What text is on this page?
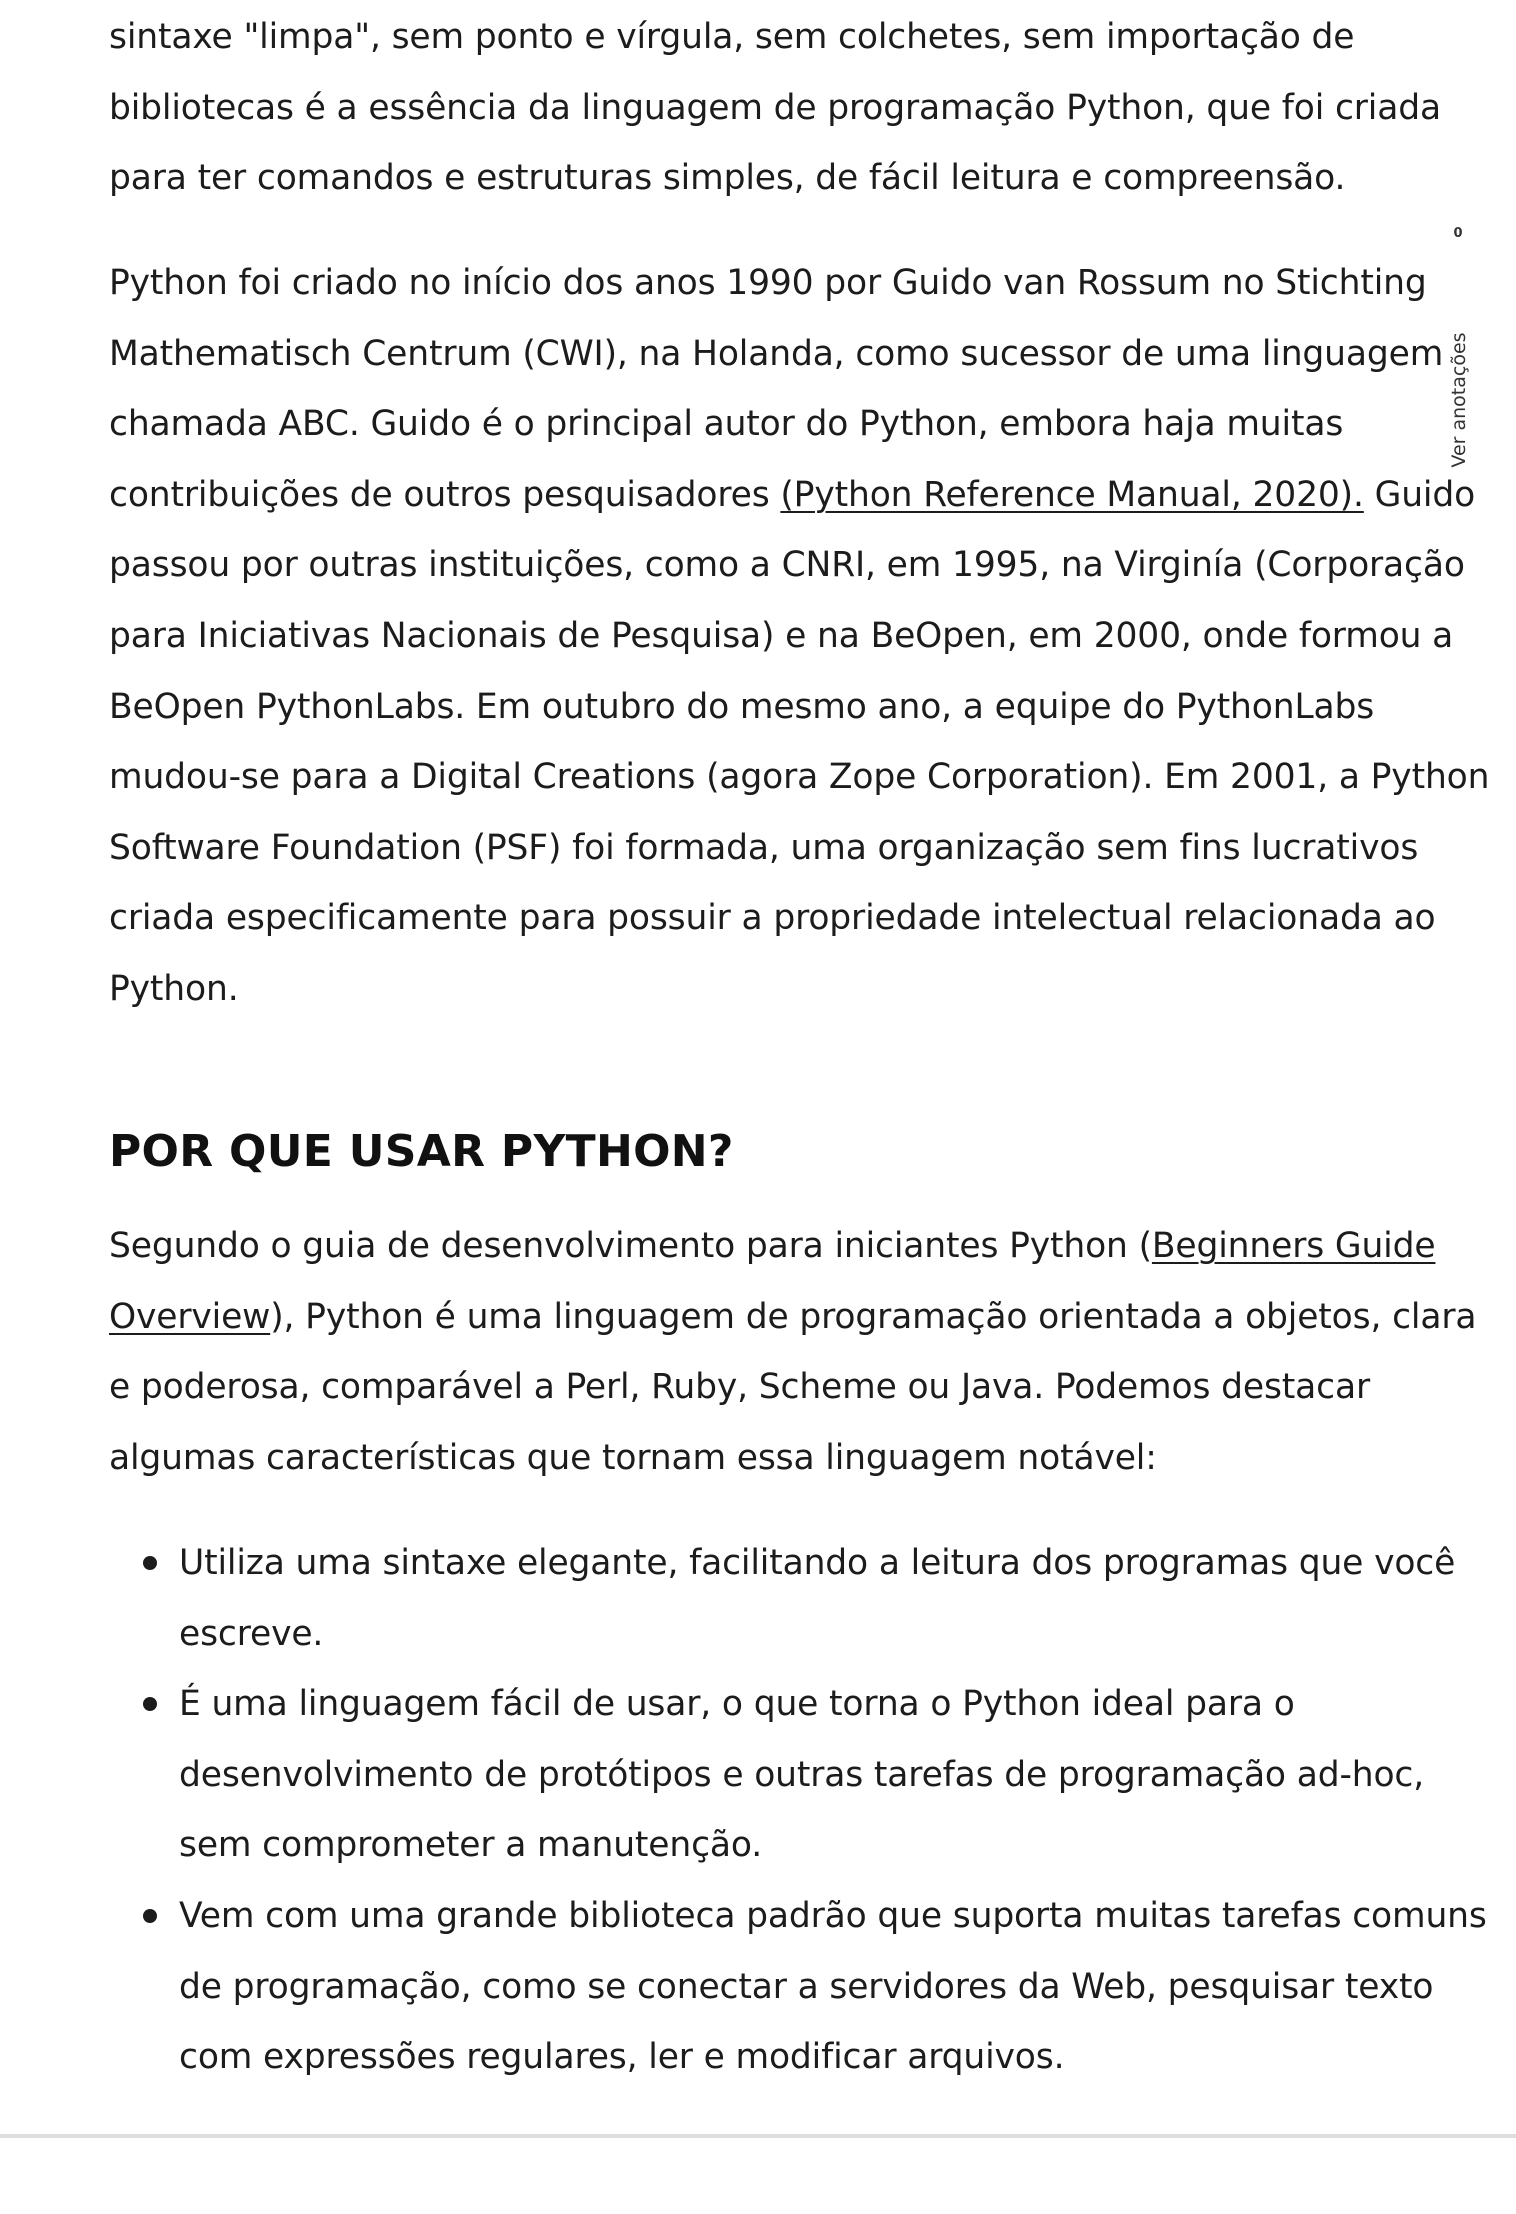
sintaxe "limpa", sem ponto e vírgula, sem colchetes, sem importação de bibliotecas é a essência da linguagem de programação Python, que foi criada para ter comandos e estruturas simples, de fácil leitura e compreensão.

Python foi criado no início dos anos 1990 por Guido van Rossum no Stichting Mathematisch Centrum (CWI), na Holanda, como sucessor de uma linguagem chamada ABC. Guido é o principal autor do Python, embora haja muitas contribuições de outros pesquisadores (Python Reference Manual, 2020). Guido passou por outras instituições, como a CNRI, em 1995, na Virginía (Corporação para Iniciativas Nacionais de Pesquisa) e na BeOpen, em 2000, onde formou a BeOpen PythonLabs. Em outubro do mesmo ano, a equipe do PythonLabs mudou-se para a Digital Creations (agora Zope Corporation). Em 2001, a Python Software Foundation (PSF) foi formada, uma organização sem fins lucrativos criada especificamente para possuir a propriedade intelectual relacionada ao Python.

POR QUE USAR PYTHON?

Segundo o guia de desenvolvimento para iniciantes Python (Beginners Guide Overview), Python é uma linguagem de programação orientada a objetos, clara e poderosa, comparável a Perl, Ruby, Scheme ou Java. Podemos destacar algumas características que tornam essa linguagem notável:

Utiliza uma sintaxe elegante, facilitando a leitura dos programas que você escreve.
É uma linguagem fácil de usar, o que torna o Python ideal para o desenvolvimento de protótipos e outras tarefas de programação ad-hoc, sem comprometer a manutenção.
Vem com uma grande biblioteca padrão que suporta muitas tarefas comuns de programação, como se conectar a servidores da Web, pesquisar texto com expressões regulares, ler e modificar arquivos.
0
Ver anotações
